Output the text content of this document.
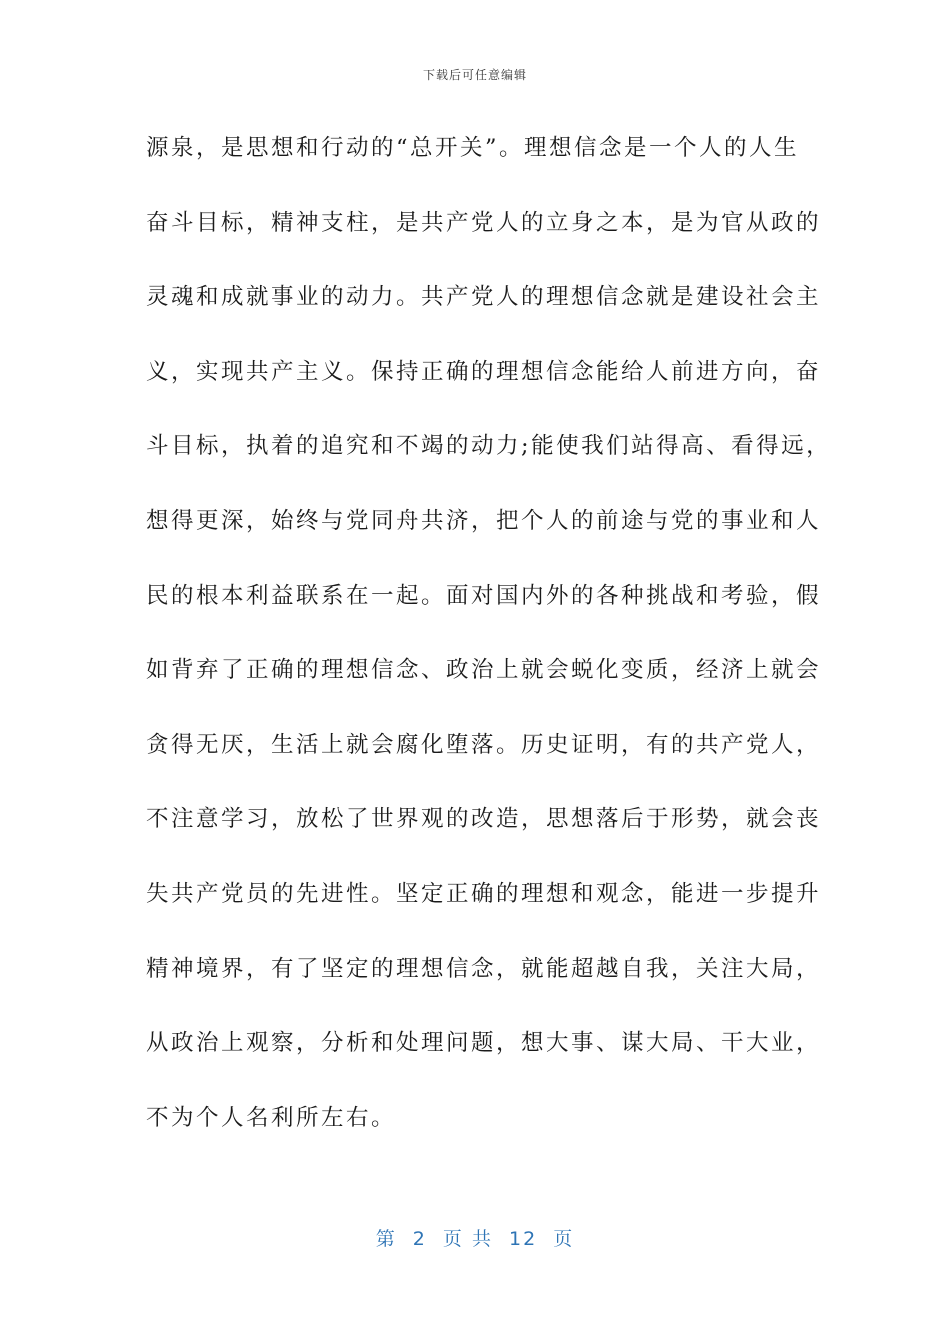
下载后可任意编辑
源泉，是思想和行动的“总开关”。理想信念是一个人的人生
奋斗目标，精神支柱，是共产党人的立身之本，是为官从政的
灵魂和成就事业的动力。共产党人的理想信念就是建设社会主
义，实现共产主义。保持正确的理想信念能给人前进方向，奋
斗目标，执着的追究和不竭的动力;能使我们站得高、看得远，
想得更深，始终与党同舟共济，把个人的前途与党的事业和人
民的根本利益联系在一起。面对国内外的各种挑战和考验，假
如背弃了正确的理想信念、政治上就会蜕化变质，经济上就会
贪得无厌，生活上就会腐化堕落。历史证明，有的共产党人，
不注意学习，放松了世界观的改造，思想落后于形势，就会丧
失共产党员的先进性。坚定正确的理想和观念，能进一步提升
精神境界，有了坚定的理想信念，就能超越自我，关注大局，
从政治上观察，分析和处理问题，想大事、谋大局、干大业，
不为个人名利所左右。
第  2  页 共  12  页
